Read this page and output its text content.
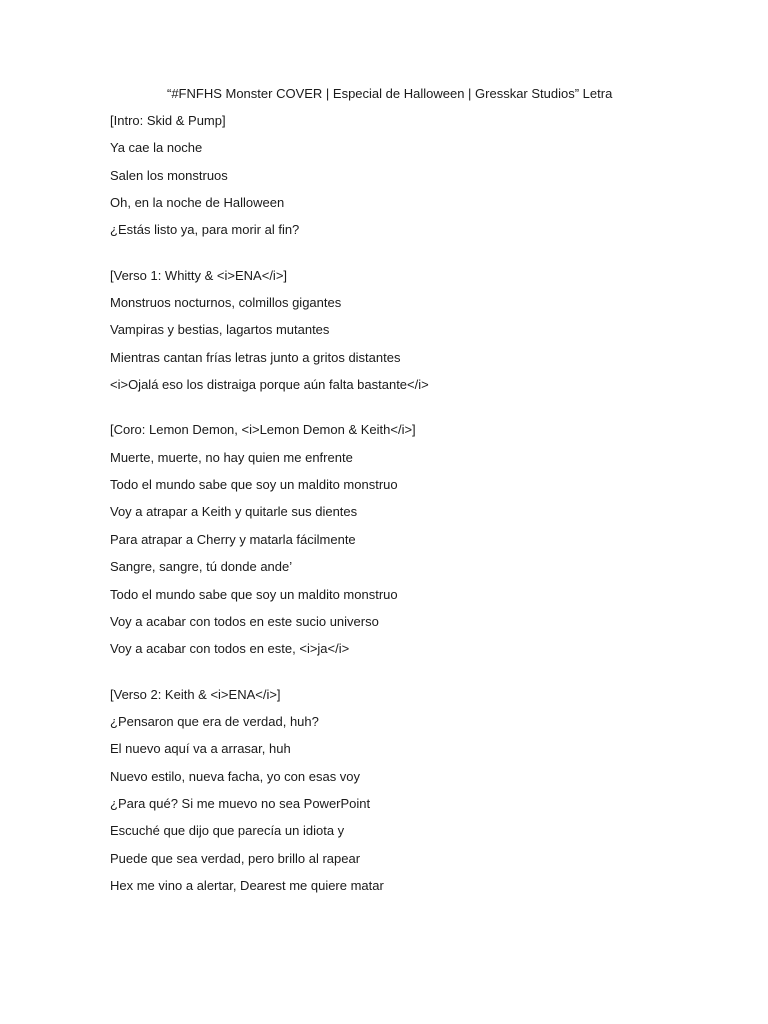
“#FNFHS Monster COVER | Especial de Halloween | Gresskar Studios” Letra
[Intro: Skid & Pump]
Ya cae la noche
Salen los monstruos
Oh, en la noche de Halloween
¿Estás listo ya, para morir al fin?
[Verso 1: Whitty & <i>ENA</i>]
Monstruos nocturnos, colmillos gigantes
Vampiras y bestias, lagartos mutantes
Mientras cantan frías letras junto a gritos distantes
<i>Ojalá eso los distraiga porque aún falta bastante</i>
[Coro: Lemon Demon, <i>Lemon Demon & Keith</i>]
Muerte, muerte, no hay quien me enfrente
Todo el mundo sabe que soy un maldito monstruo
Voy a atrapar a Keith y quitarle sus dientes
Para atrapar a Cherry y matarla fácilmente
Sangre, sangre, tú donde ande’
Todo el mundo sabe que soy un maldito monstruo
Voy a acabar con todos en este sucio universo
Voy a acabar con todos en este, <i>ja</i>
[Verso 2: Keith & <i>ENA</i>]
¿Pensaron que era de verdad, huh?
El nuevo aquí va a arrasar, huh
Nuevo estilo, nueva facha, yo con esas voy
¿Para qué? Si me muevo no sea PowerPoint
Escuché que dijo que parecía un idiota y
Puede que sea verdad, pero brillo al rapear
Hex me vino a alertar, Dearest me quiere matar
